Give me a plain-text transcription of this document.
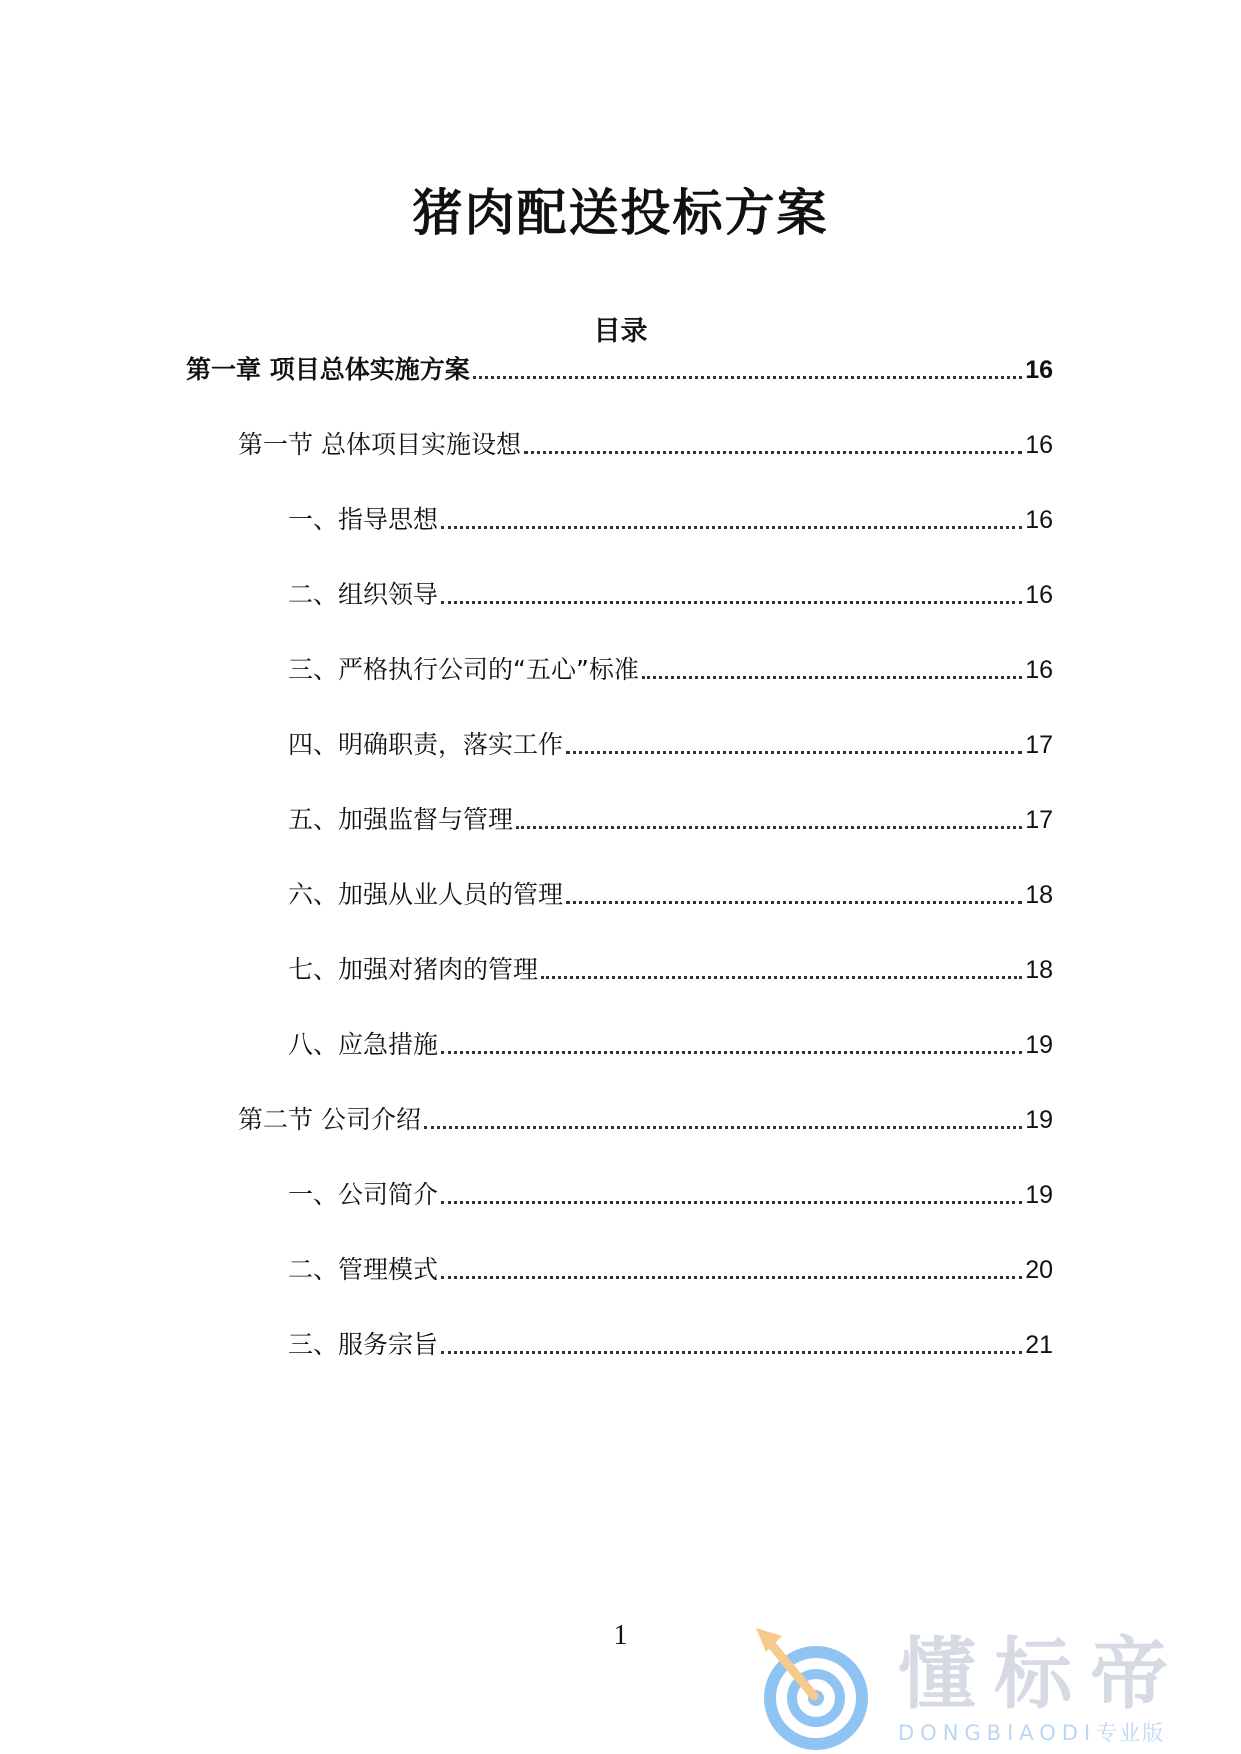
猪肉配送投标方案
目录
第一章 项目总体实施方案	16
第一节 总体项目实施设想	16
一、指导思想	16
二、组织领导	16
三、严格执行公司的“五心”标准	16
四、明确职责，落实工作	17
五、加强监督与管理	17
六、加强从业人员的管理	18
七、加强对猪肉的管理	18
八、应急措施	19
第二节 公司介绍	19
一、公司简介	19
二、管理模式	20
三、服务宗旨	21
1	懂标帝
DONGBIAODI专业版
